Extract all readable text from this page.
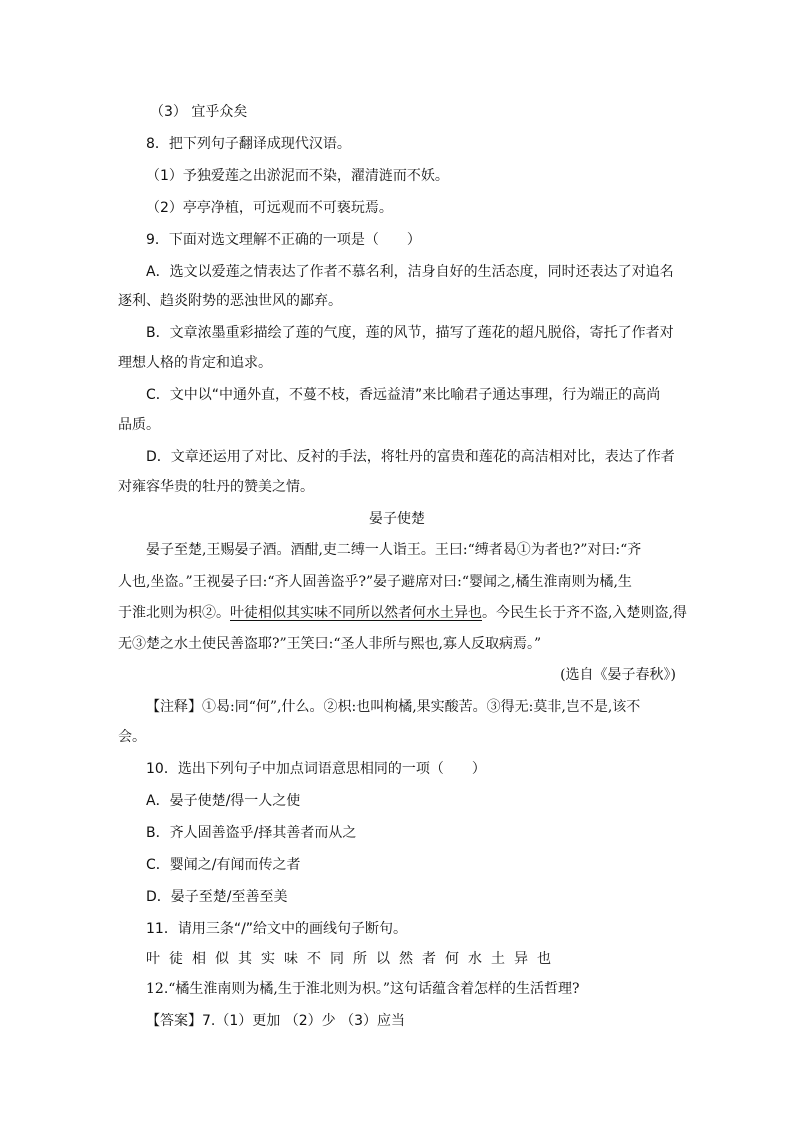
（3） 宜乎众矣
8．把下列句子翻译成现代汉语。
（1）予独爱莲之出淤泥而不染，濯清涟而不妖。
（2）亭亭净植，可远观而不可亵玩焉。
9．下面对选文理解不正确的一项是（　　）
A．选文以爱莲之情表达了作者不慕名利，洁身自好的生活态度，同时还表达了对追名
逐利、趋炎附势的恶浊世风的鄙弃。
B．文章浓墨重彩描绘了莲的气度，莲的风节，描写了莲花的超凡脱俗，寄托了作者对
理想人格的肯定和追求。
C．文中以“中通外直，不蔓不枝，香远益清”来比喻君子通达事理，行为端正的高尚
品质。
D．文章还运用了对比、反衬的手法，将牡丹的富贵和莲花的高洁相对比，表达了作者
对雍容华贵的牡丹的赞美之情。
晏子使楚
晏子至楚,王赐晏子酒。酒酣,吏二缚一人诣王。王曰:“缚者曷①为者也?”对曰:“齐
人也,坐盗。”王视晏子曰:“齐人固善盗乎?”晏子避席对曰:“婴闻之,橘生淮南则为橘,生
于淮北则为枳②。叶徒相似其实味不同所以然者何水土异也。今民生长于齐不盗,入楚则盗,得
无③楚之水土使民善盗耶?”王笑曰:“圣人非所与熙也,寡人反取病焉。”
(选自《晏子春秋》)
【注释】①曷:同“何”,什么。②枳:也叫枸橘,果实酸苦。③得无:莫非,岂不是,该不
会。
10．选出下列句子中加点词语意思相同的一项（　　）
A．晏子使楚/得一人之使
B．齐人固善盗乎/择其善者而从之
C．婴闻之/有闻而传之者
D．晏子至楚/至善至美
11．请用三条“/”给文中的画线句子断句。
叶徒相似其实味不同所以然者何水土异也
12.“橘生淮南则为橘,生于淮北则为枳。”这句话蕴含着怎样的生活哲理?
【答案】7.（1）更加 （2）少 （3）应当
